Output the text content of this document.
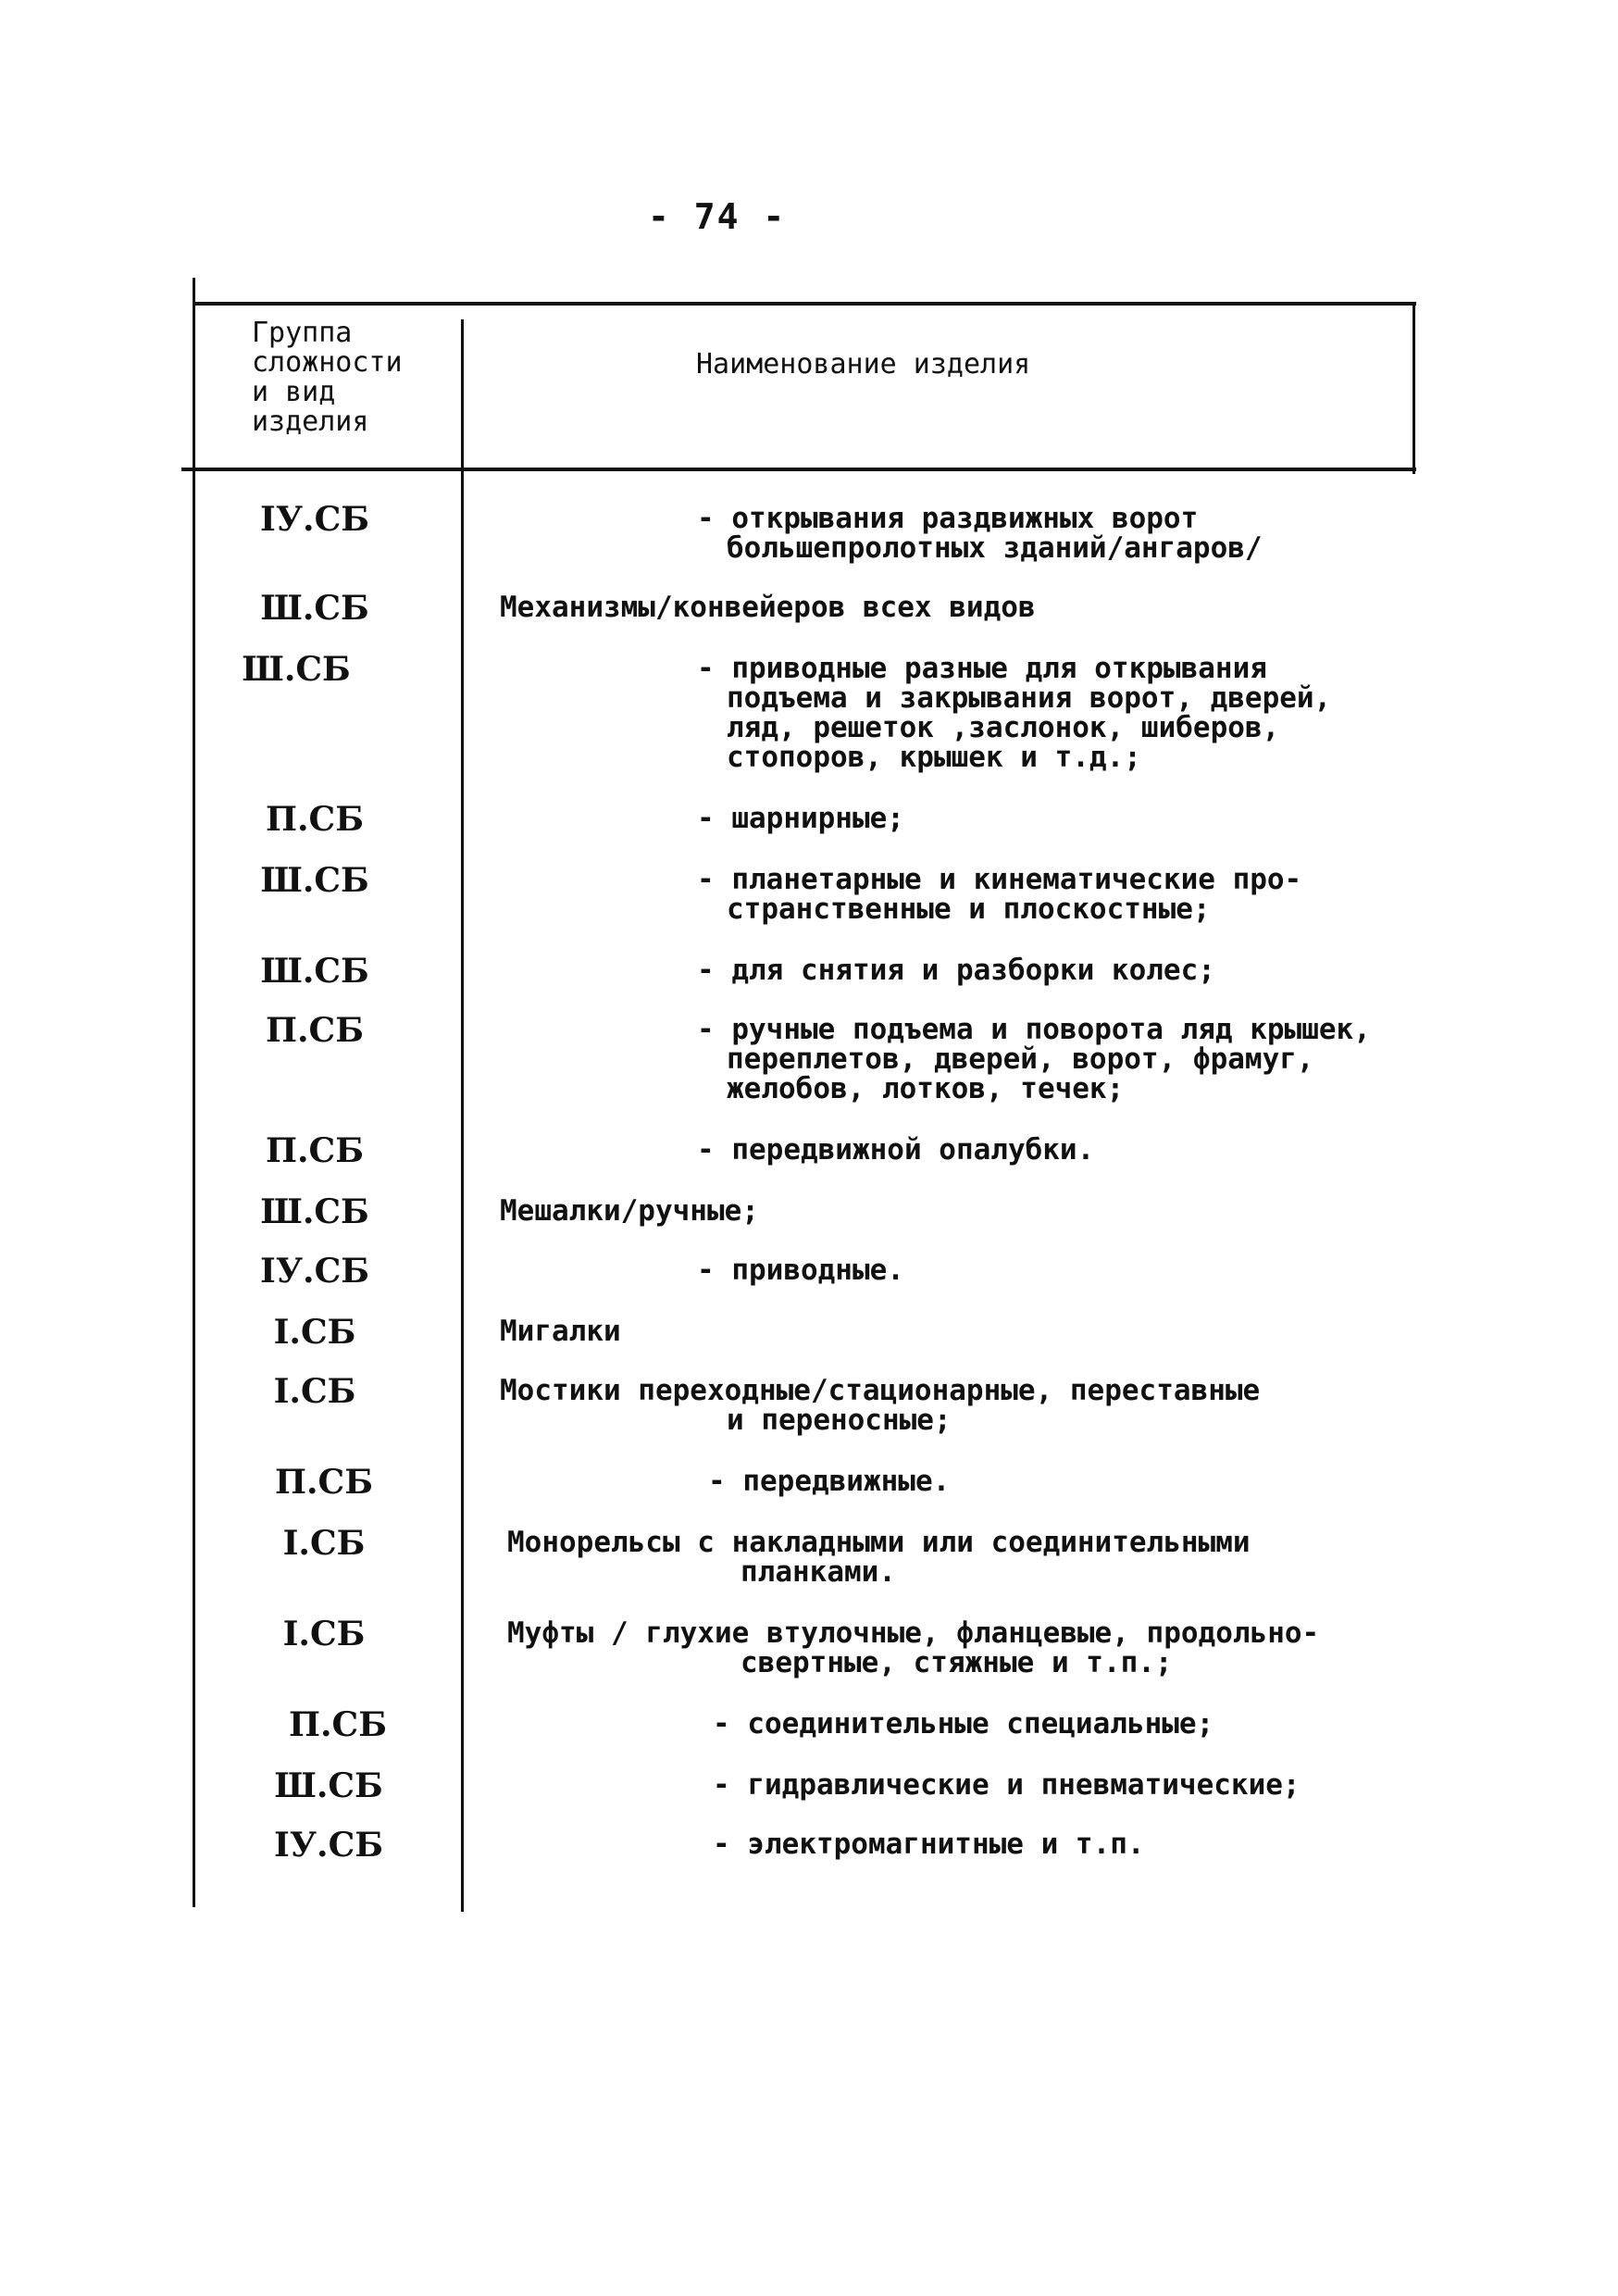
- 74 -
Группа
сложности
и вид
изделия
Наименование изделия
IУ.СБ	- открывания раздвижных ворот
большепролотных зданий/ангаров/
Ш.СБ	Механизмы/конвейеров всех видов
Ш.СБ	- приводные разные для открывания
подъема и закрывания ворот, дверей,
ляд, решеток ,заслонок, шиберов,
стопоров, крышек и т.д.;
П.СБ	- шарнирные;
Ш.СБ	- планетарные и кинематические про-
странственные и плоскостные;
Ш.СБ	- для снятия и разборки колес;
П.СБ	- ручные подъема и поворота ляд крышек,
переплетов, дверей, ворот, фрамуг,
желобов, лотков, течек;
П.СБ	- передвижной опалубки.
Ш.СБ	Мешалки/ручные;
IУ.СБ	- приводные.
I.СБ	Мигалки
I.СБ	Мостики переходные/стационарные, переставные
и переносные;
П.СБ	- передвижные.
I.СБ	Монорельсы с накладными или соединительными
планками.
I.СБ	Муфты / глухие втулочные, фланцевые, продольно-
свертные, стяжные и т.п.;
П.СБ	- соединительные специальные;
Ш.СБ	- гидравлические и пневматические;
IУ.СБ	- электромагнитные и т.п.
